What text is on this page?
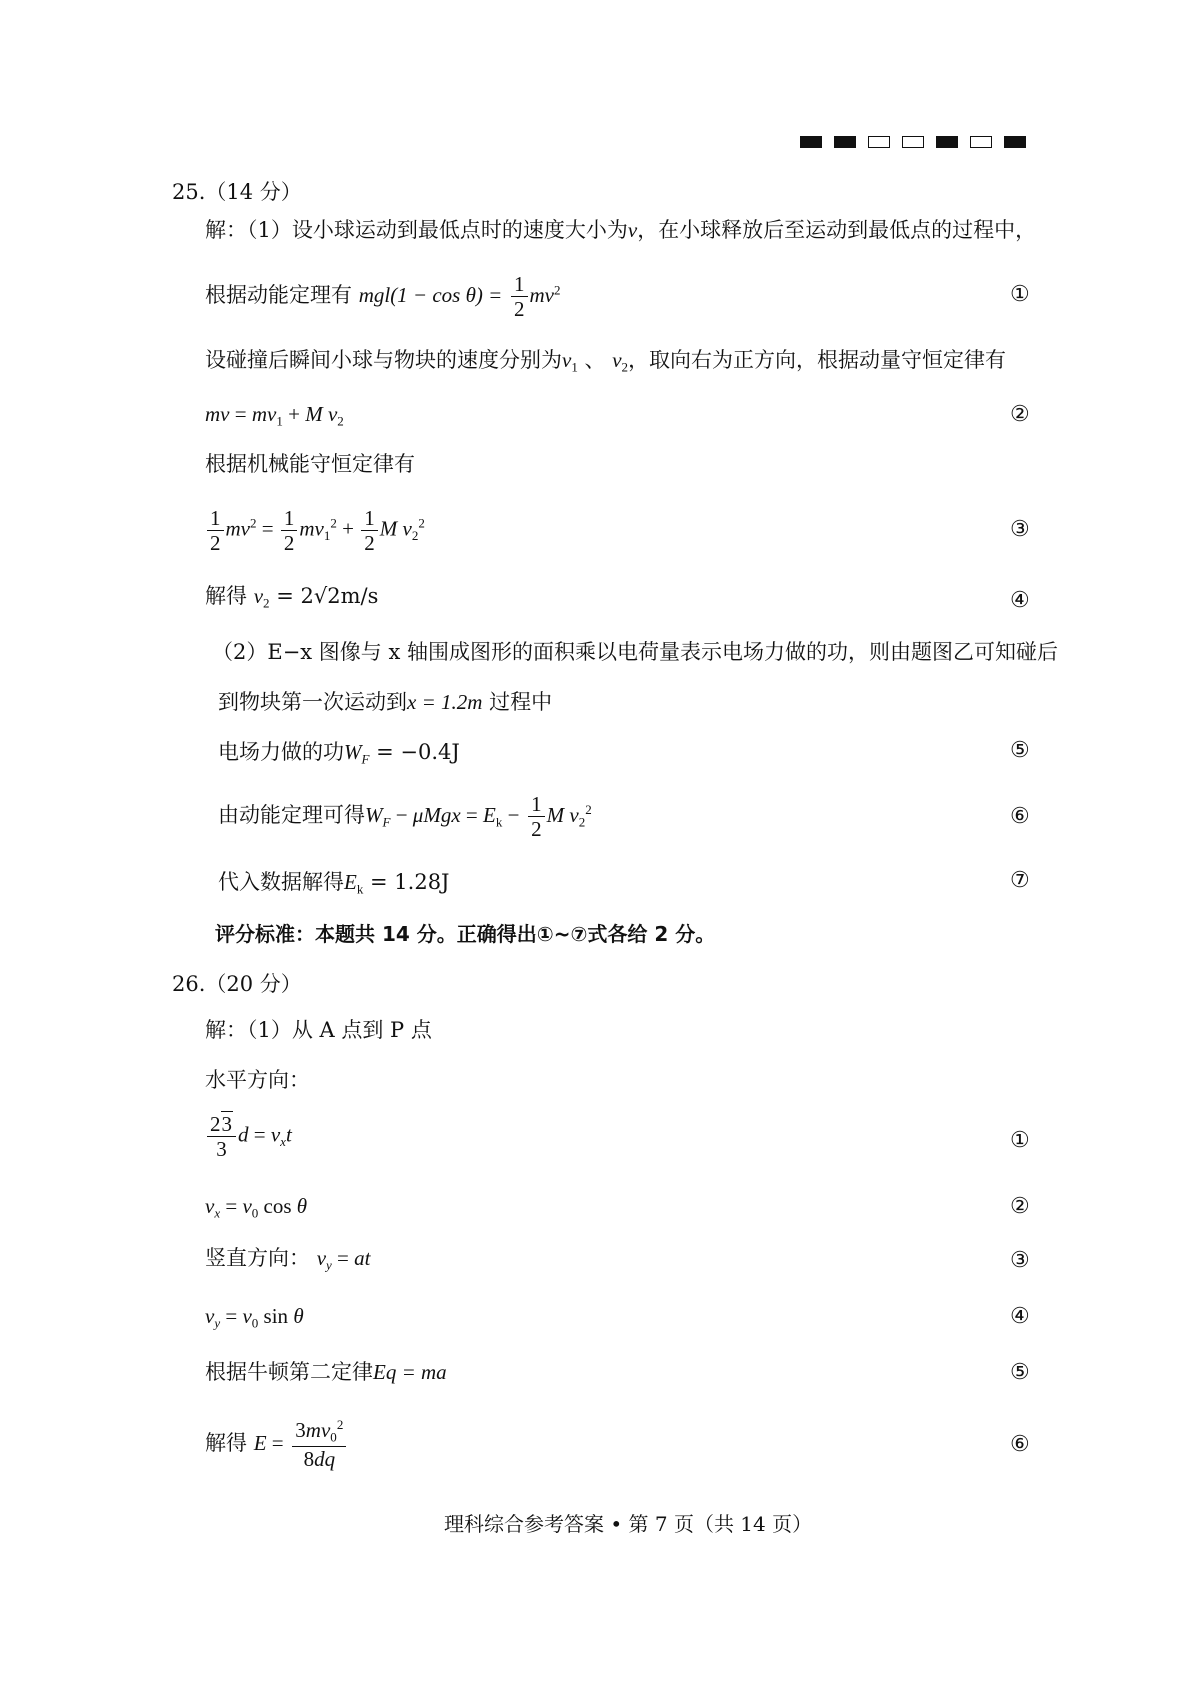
25.（14 分）
解：（1）设小球运动到最低点时的速度大小为v，在小球释放后至运动到最低点的过程中，
根据动能定理有 $mgl(1 - \cos \theta) = \frac{1}{2} mv^2$	①
设碰撞后瞬间小球与物块的速度分别为$v_1$ 、 $v_2$，取向右为正方向，根据动量守恒定律有
mv = $mv_1 + M$ $v_2$	②
根据机械能守恒定律有
$\frac{1}{2} mv^2 = \frac{1}{2} mv_1^2 + \frac{1}{2}$ M $v_2^2$	③
解得 $v_2 = 2√2m/s$	④
（2）E−x 图像与 x 轴围成图形的面积乘以电荷量表示电场力做的功，则由题图乙可知碰后
到物块第一次运动到x = 1.2m 过程中
电场力做的功$W_F = -0.4J$	⑤
由动能定理可得$W_F - \mu Mgx = E_k - \frac{1}{2}$ M $v_2^2$	⑥
代入数据解得$E_k = 1.28J$	⑦
评分标准：本题共 14 分。正确得出①~⑦式各给 2 分。
26.（20 分）
解：（1）从 A 点到 P 点
水平方向：
$\frac{23}{3}$ $d = v_xt$	①
$v_x = v_0$ cos θ	②
竖直方向： $v_y$ = at	③
$v_y = v_0$ sin θ	④
根据牛顿第二定律Eq = ma	⑤
解得 $E = \frac{3mv_0^2}{8dq}$	⑥
理科综合参考答案 • 第 7 页（共 14 页）
